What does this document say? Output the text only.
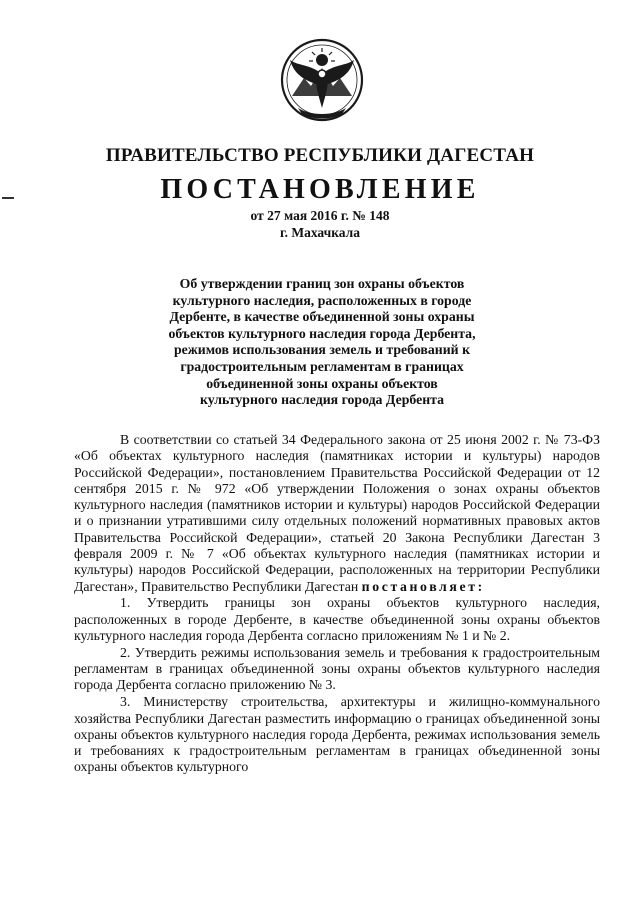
ПРАВИТЕЛЬСТВО РЕСПУБЛИКИ ДАГЕСТАН
ПОСТАНОВЛЕНИЕ
от 27 мая 2016 г. № 148
г. Махачкала
Об утверждении границ зон охраны объектов
культурного наследия, расположенных в городе
Дербенте, в качестве объединенной зоны охраны
объектов культурного наследия города Дербента,
режимов использования земель и требований к
градостроительным регламентам в границах
объединенной зоны охраны объектов
культурного наследия города Дербента

В соответствии со статьей 34 Федерального закона от 25 июня 2002 г. № 73-ФЗ «Об объектах культурного наследия (памятниках истории и культуры) народов Российской Федерации», постановлением Правительства Российской Федерации от 12 сентября 2015 г. № 972 «Об утверждении Положения о зонах охраны объектов культурного наследия (памятников истории и культуры) народов Российской Федерации и о признании утратившими силу отдельных положений нормативных правовых актов Правительства Российской Федерации», статьей 20 Закона Республики Дагестан 3 февраля 2009 г. № 7 «Об объектах культурного наследия (памятниках истории и культуры) народов Российской Федерации, расположенных на территории Республики Дагестан», Правительство Республики Дагестан постановляет:

1. Утвердить границы зон охраны объектов культурного наследия, расположенных в городе Дербенте, в качестве объединенной зоны охраны объектов культурного наследия города Дербента согласно приложениям № 1 и № 2.

2. Утвердить режимы использования земель и требования к градостроительным регламентам в границах объединенной зоны охраны объектов культурного наследия города Дербента согласно приложению № 3.

3. Министерству строительства, архитектуры и жилищно-коммунального хозяйства Республики Дагестан разместить информацию о границах объединенной зоны охраны объектов культурного наследия города Дербента, режимах использования земель и требованиях к градостроительным регламентам в границах объединенной зоны охраны объектов культурного
